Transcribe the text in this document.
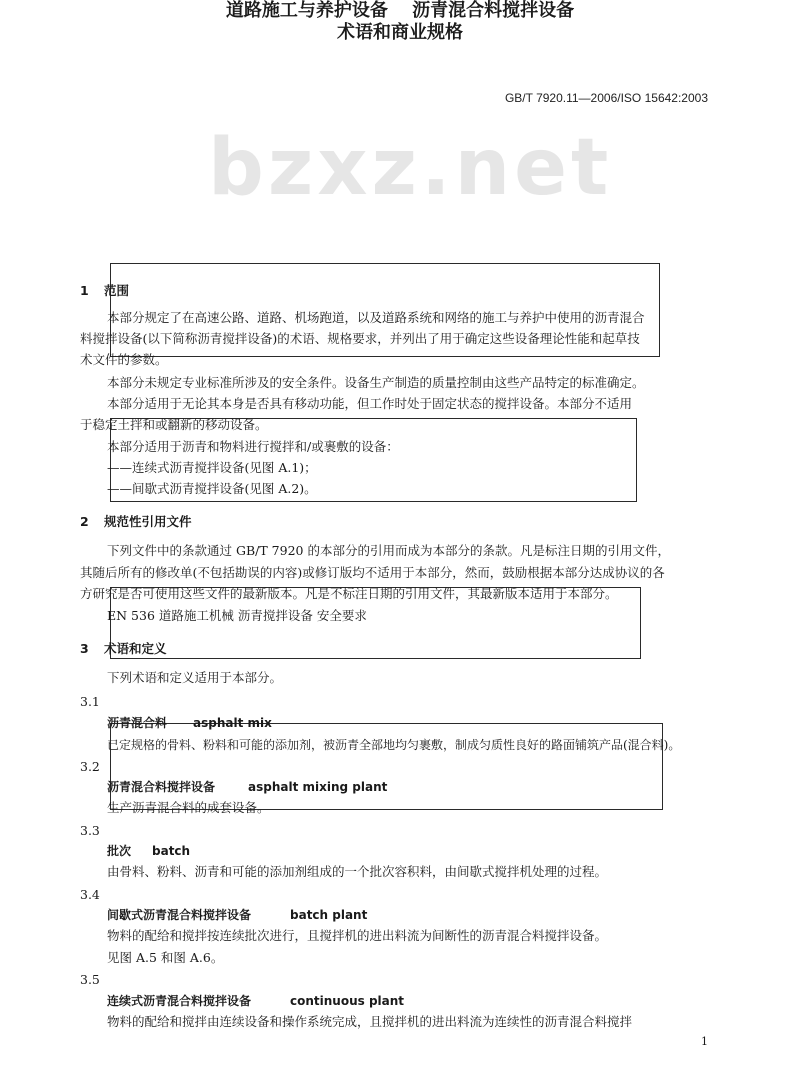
GB/T 7920.11—2006/ISO 15642:2003
bzxz.net
道路施工与养护设备 沥青混合料搅拌设备
术语和商业规格
1 范围
本部分规定了在高速公路、道路、机场跑道，以及道路系统和网络的施工与养护中使用的沥青混合
料搅拌设备(以下简称沥青搅拌设备)的术语、规格要求，并列出了用于确定这些设备理论性能和起草技
术文件的参数。
本部分未规定专业标准所涉及的安全条件。设备生产制造的质量控制由这些产品特定的标准确定。
本部分适用于无论其本身是否具有移动功能，但工作时处于固定状态的搅拌设备。本部分不适用
于稳定土拌和或翻新的移动设备。
本部分适用于沥青和物料进行搅拌和/或裹敷的设备：
——连续式沥青搅拌设备(见图 A.1)；
——间歇式沥青搅拌设备(见图 A.2)。
2 规范性引用文件
下列文件中的条款通过 GB/T 7920 的本部分的引用而成为本部分的条款。凡是标注日期的引用文件，
其随后所有的修改单(不包括勘误的内容)或修订版均不适用于本部分，然而，鼓励根据本部分达成协议的各
方研究是否可使用这些文件的最新版本。凡是不标注日期的引用文件，其最新版本适用于本部分。
EN 536 道路施工机械 沥青搅拌设备 安全要求
3 术语和定义
下列术语和定义适用于本部分。
3.1
沥青混合料 asphalt mix
已定规格的骨料、粉料和可能的添加剂，被沥青全部地均匀裹敷，制成匀质性良好的路面铺筑产品(混合料)。
3.2
沥青混合料搅拌设备	asphalt mixing plant
生产沥青混合料的成套设备。
3.3
批次 batch
由骨料、粉料、沥青和可能的添加剂组成的一个批次容积料，由间歇式搅拌机处理的过程。
3.4
间歇式沥青混合料搅拌设备	batch plant
物料的配给和搅拌按连续批次进行，且搅拌机的进出料流为间断性的沥青混合料搅拌设备。
见图 A.5 和图 A.6。
3.5
连续式沥青混合料搅拌设备	continuous plant
物料的配给和搅拌由连续设备和操作系统完成，且搅拌机的进出料流为连续性的沥青混合料搅拌
1
